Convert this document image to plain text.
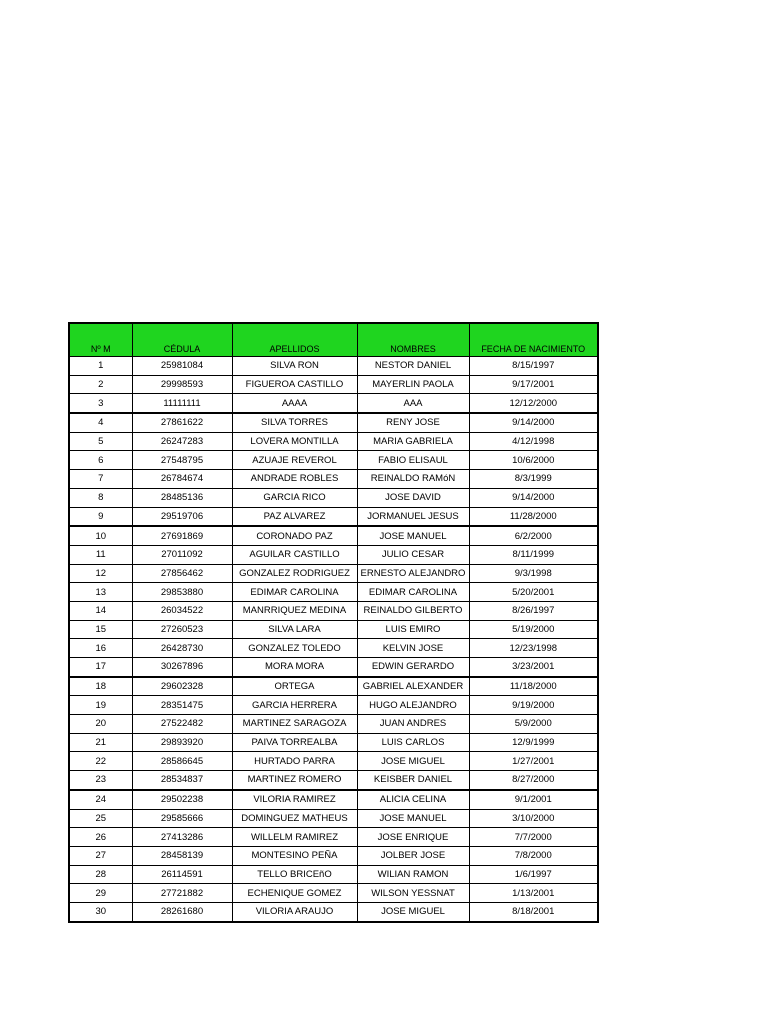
Nº M	CÉDULA	APELLIDOS	NOMBRES	FECHA DE NACIMIENTO
1	25981084	SILVA RON	NESTOR DANIEL	8/15/1997
2	29998593	FIGUEROA CASTILLO	MAYERLIN PAOLA	9/17/2001
3	11111111	AAAA	AAA	12/12/2000
4	27861622	SILVA TORRES	RENY JOSE	9/14/2000
5	26247283	LOVERA MONTILLA	MARIA GABRIELA	4/12/1998
6	27548795	AZUAJE REVEROL	FABIO ELISAUL	10/6/2000
7	26784674	ANDRADE ROBLES	REINALDO RAMóN	8/3/1999
8	28485136	GARCIA RICO	JOSE DAVID	9/14/2000
9	29519706	PAZ ALVAREZ	JORMANUEL JESUS	11/28/2000
10	27691869	CORONADO PAZ	JOSE MANUEL	6/2/2000
11	27011092	AGUILAR CASTILLO	JULIO CESAR	8/11/1999
12	27856462	GONZALEZ RODRIGUEZ	ERNESTO ALEJANDRO	9/3/1998
13	29853880	EDIMAR CAROLINA	EDIMAR CAROLINA	5/20/2001
14	26034522	MANRRIQUEZ MEDINA	REINALDO GILBERTO	8/26/1997
15	27260523	SILVA LARA	LUIS EMIRO	5/19/2000
16	26428730	GONZALEZ TOLEDO	KELVIN JOSE	12/23/1998
17	30267896	MORA MORA	EDWIN GERARDO	3/23/2001
18	29602328	ORTEGA	GABRIEL ALEXANDER	11/18/2000
19	28351475	GARCIA HERRERA	HUGO ALEJANDRO	9/19/2000
20	27522482	MARTINEZ SARAGOZA	JUAN ANDRES	5/9/2000
21	29893920	PAIVA TORREALBA	LUIS CARLOS	12/9/1999
22	28586645	HURTADO PARRA	JOSE MIGUEL	1/27/2001
23	28534837	MARTINEZ ROMERO	KEISBER DANIEL	8/27/2000
24	29502238	VILORIA RAMIREZ	ALICIA CELINA	9/1/2001
25	29585666	DOMINGUEZ MATHEUS	JOSE MANUEL	3/10/2000
26	27413286	WILLELM RAMIREZ	JOSE ENRIQUE	7/7/2000
27	28458139	MONTESINO PEÑA	JOLBER JOSE	7/8/2000
28	26114591	TELLO BRICEñO	WILIAN RAMON	1/6/1997
29	27721882	ECHENIQUE GOMEZ	WILSON YESSNAT	1/13/2001
30	28261680	VILORIA ARAUJO	JOSE MIGUEL	8/18/2001
